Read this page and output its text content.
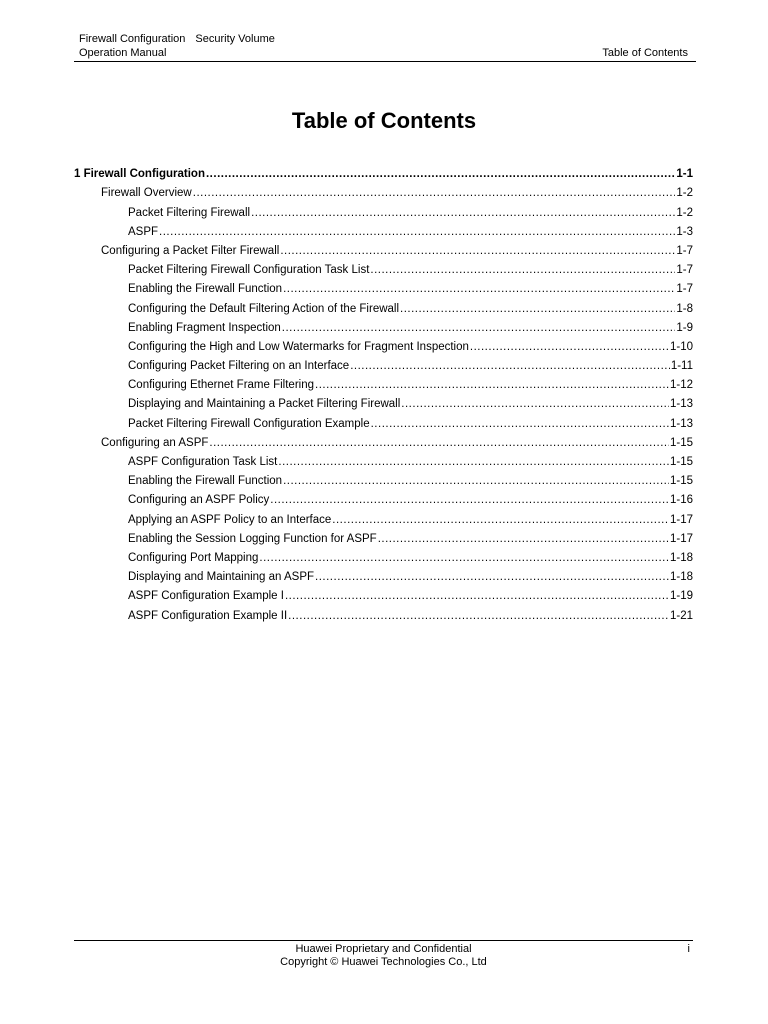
Firewall Configuration Security Volume
Operation Manual	Table of Contents
Table of Contents
1 Firewall Configuration .....	1-1
Firewall Overview .....	1-2
Packet Filtering Firewall .....	1-2
ASPF .....	1-3
Configuring a Packet Filter Firewall .....	1-7
Packet Filtering Firewall Configuration Task List .....	1-7
Enabling the Firewall Function .....	1-7
Configuring the Default Filtering Action of the Firewall .....	1-8
Enabling Fragment Inspection .....	1-9
Configuring the High and Low Watermarks for Fragment Inspection .....	1-10
Configuring Packet Filtering on an Interface .....	1-11
Configuring Ethernet Frame Filtering .....	1-12
Displaying and Maintaining a Packet Filtering Firewall .....	1-13
Packet Filtering Firewall Configuration Example .....	1-13
Configuring an ASPF .....	1-15
ASPF Configuration Task List .....	1-15
Enabling the Firewall Function .....	1-15
Configuring an ASPF Policy .....	1-16
Applying an ASPF Policy to an Interface .....	1-17
Enabling the Session Logging Function for ASPF .....	1-17
Configuring Port Mapping .....	1-18
Displaying and Maintaining an ASPF .....	1-18
ASPF Configuration Example I .....	1-19
ASPF Configuration Example II .....	1-21
Huawei Proprietary and Confidential
Copyright © Huawei Technologies Co., Ltd
i
